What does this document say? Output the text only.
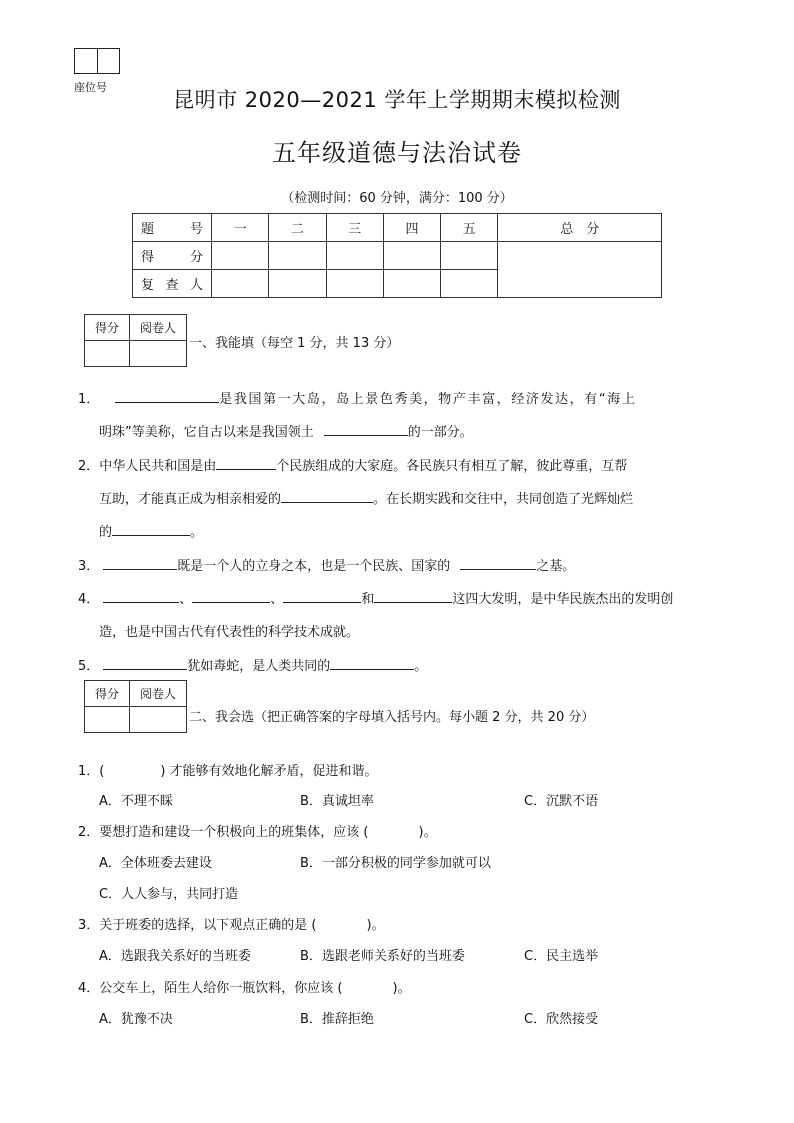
座位号
昆明市 2020—2021 学年上学期期末模拟检测
五年级道德与法治试卷
（检测时间：60 分钟，满分：100 分）
题　　号	一	二	三	四	五	总　分
得　　分						
复 查 人						
得分	阅卷人

一、我能填（每空 1 分，共 13 分）
1．	是我国第一大岛，岛上景色秀美，物产丰富，经济发达，有“海上
明珠”等美称，它自古以来是我国领土	的一部分。
2．中华人民共和国是由	个民族组成的大家庭。各民族只有相互了解，彼此尊重，互帮
互助，才能真正成为相亲相爱的	。在长期实践和交往中，共同创造了光辉灿烂
的	。
3．	既是一个人的立身之本，也是一个民族、国家的	之基。
4．	、	、	和	这四大发明，是中华民族杰出的发明创
造，也是中国古代有代表性的科学技术成就。
5．	犹如毒蛇，是人类共同的	。
得分	阅卷人

二、我会选（把正确答案的字母填入括号内。每小题 2 分，共 20 分）
1．(	) 才能够有效地化解矛盾，促进和谐。
A．不理不睬	B．真诚坦率	C．沉默不语
2．要想打造和建设一个积极向上的班集体，应该 (	)。
A．全体班委去建设	B．一部分积极的同学参加就可以
C．人人参与，共同打造
3．关于班委的选择，以下观点正确的是 (	)。
A．选跟我关系好的当班委	B．选跟老师关系好的当班委	C．民主选举
4．公交车上，陌生人给你一瓶饮料，你应该 (	)。
A．犹豫不决	B．推辞拒绝	C．欣然接受
